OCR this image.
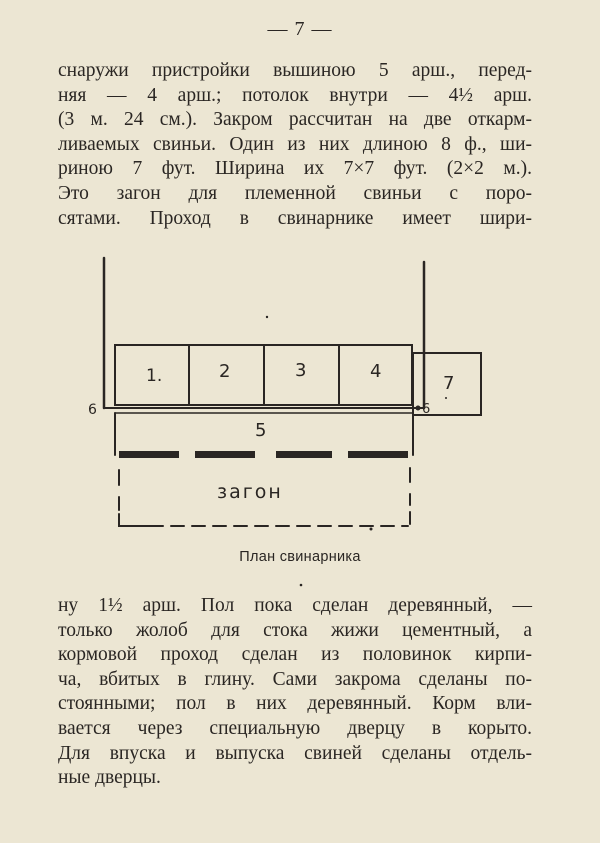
— 7 —
снаружи пристройки вышиною 5 арш., перед-
няя — 4 арш.; потолок внутри — 4½ арш.
(3 м. 24 см.). Закром рассчитан на две откарм-
ливаемых свиньи. Один из них длиною 8 ф., ши-
риною 7 фут. Ширина их 7×7 фут. (2×2 м.).
Это загон для племенной свиньи с поро-
сятами. Проход в свинарнике имеет шири-
1.	2	3	4
7
5
6	6
загон
План свинарника
ну 1½ арш. Пол пока сделан деревянный, —
только жолоб для стока жижи цементный, а
кормовой проход сделан из половинок кирпи-
ча, вбитых в глину. Сами закрома сделаны по-
стоянными; пол в них деревянный. Корм вли-
вается через специальную дверцу в корыто.
Для впуска и выпуска свиней сделаны отдель-
ные дверцы.
